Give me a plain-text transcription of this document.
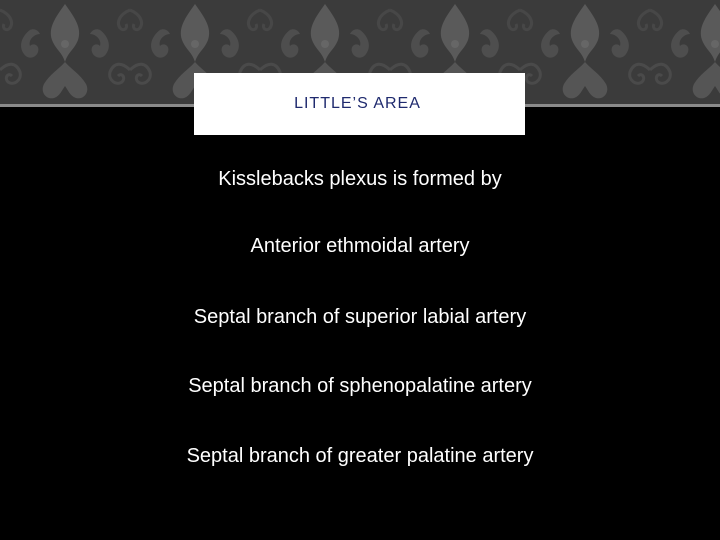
LITTLE’S AREA
Kisslebacks plexus is formed by
Anterior ethmoidal artery
Septal branch of superior labial artery
Septal branch of sphenopalatine artery
Septal branch of greater palatine artery
